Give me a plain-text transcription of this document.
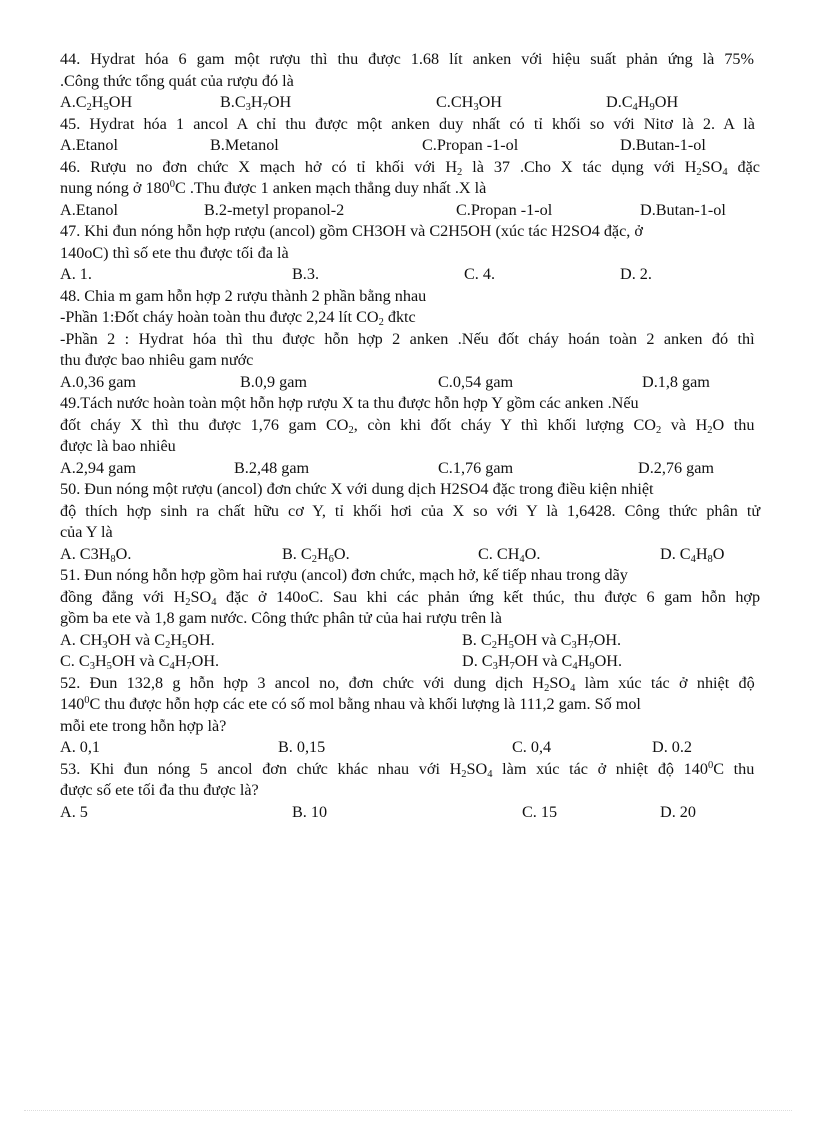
44. Hydrat hóa 6 gam một rượu thì thu được 1.68 lít anken với hiệu suất phản ứng là 75%
.Công thức tổng quát của rượu đó là
$A.C_2H_5OH$	$B.C_3H_7OH$	$C.CH_3OH$	$D.C_4H_9OH$
45. Hydrat hóa 1 ancol A chỉ thu được một anken duy nhất có tỉ khối so với Nitơ là 2. A là
A.Etanol	B.Metanol	C.Propan -1-ol	D.Butan-1-ol
46. Rượu no đơn chức X mạch hở có tỉ khối với $H_2$ là 37 .Cho X tác dụng với $H_2SO_4$ đặc
nung nóng ở $180^0C$ .Thu được 1 anken mạch thẳng duy nhất .X là
A.Etanol	B.2-metyl propanol-2	C.Propan -1-ol	D.Butan-1-ol
47. Khi đun nóng hỗn hợp rượu (ancol) gồm CH3OH và C2H5OH (xúc tác H2SO4 đặc, ở
140oC) thì số ete thu được tối đa là
A. 1.	B.3.	C. 4.	D. 2.
48. Chia m gam hỗn hợp 2 rượu thành 2 phần bằng nhau
-Phần 1:Đốt cháy hoàn toàn thu được 2,24 lít $CO_2$ đktc
-Phần 2 : Hydrat hóa thì thu được hỗn hợp 2 anken .Nếu đốt cháy hoán toàn 2 anken đó thì
thu được bao nhiêu gam nước
A.0,36 gam	B.0,9 gam	C.0,54 gam	D.1,8 gam
49.Tách nước hoàn toàn một hỗn hợp rượu X ta thu được hỗn hợp Y gồm các anken .Nếu
đốt cháy X thì thu được 1,76 gam $CO_2$, còn khi đốt cháy Y thì khối lượng $CO_2$ và $H_2O$ thu
được là bao nhiêu
A.2,94 gam	B.2,48 gam	C.1,76 gam	D.2,76 gam
50. Đun nóng một rượu (ancol) đơn chức X với dung dịch H2SO4 đặc trong điều kiện nhiệt
độ thích hợp sinh ra chất hữu cơ Y, tỉ khối hơi của X so với Y là 1,6428. Công thức phân tử
của Y là
A. $C3H_8O$.	B. $C_2H_6O$.	C. $CH_4O$.	D. $C_4H_8O$
51. Đun nóng hỗn hợp gồm hai rượu (ancol) đơn chức, mạch hở, kế tiếp nhau trong dãy
đồng đẳng với $H_2SO_4$ đặc ở 140oC. Sau khi các phản ứng kết thúc, thu được 6 gam hỗn hợp
gồm ba ete và 1,8 gam nước. Công thức phân tử của hai rượu trên là
A. $CH_3OH$ và $C_2H_5OH$.	B. $C_2H_5OH$ và $C_3H_7OH$.
C. $C_3H_5OH$ và $C_4H_7OH$.	D. $C_3H_7OH$ và $C_4H_9OH$.
52. Đun 132,8 g hỗn hợp 3 ancol no, đơn chức với dung dịch $H_2SO_4$ làm xúc tác ở nhiệt độ
$140^0C$ thu được hỗn hợp các ete có số mol bằng nhau và khối lượng là 111,2 gam. Số mol
mỗi ete trong hỗn hợp là?
A. 0,1	B. 0,15	C. 0,4	D. 0.2
53. Khi đun nóng 5 ancol đơn chức khác nhau với $H_2SO_4$ làm xúc tác ở nhiệt độ $140^0C$ thu
được số ete tối đa thu được là?
A. 5	B. 10	C. 15	D. 20
